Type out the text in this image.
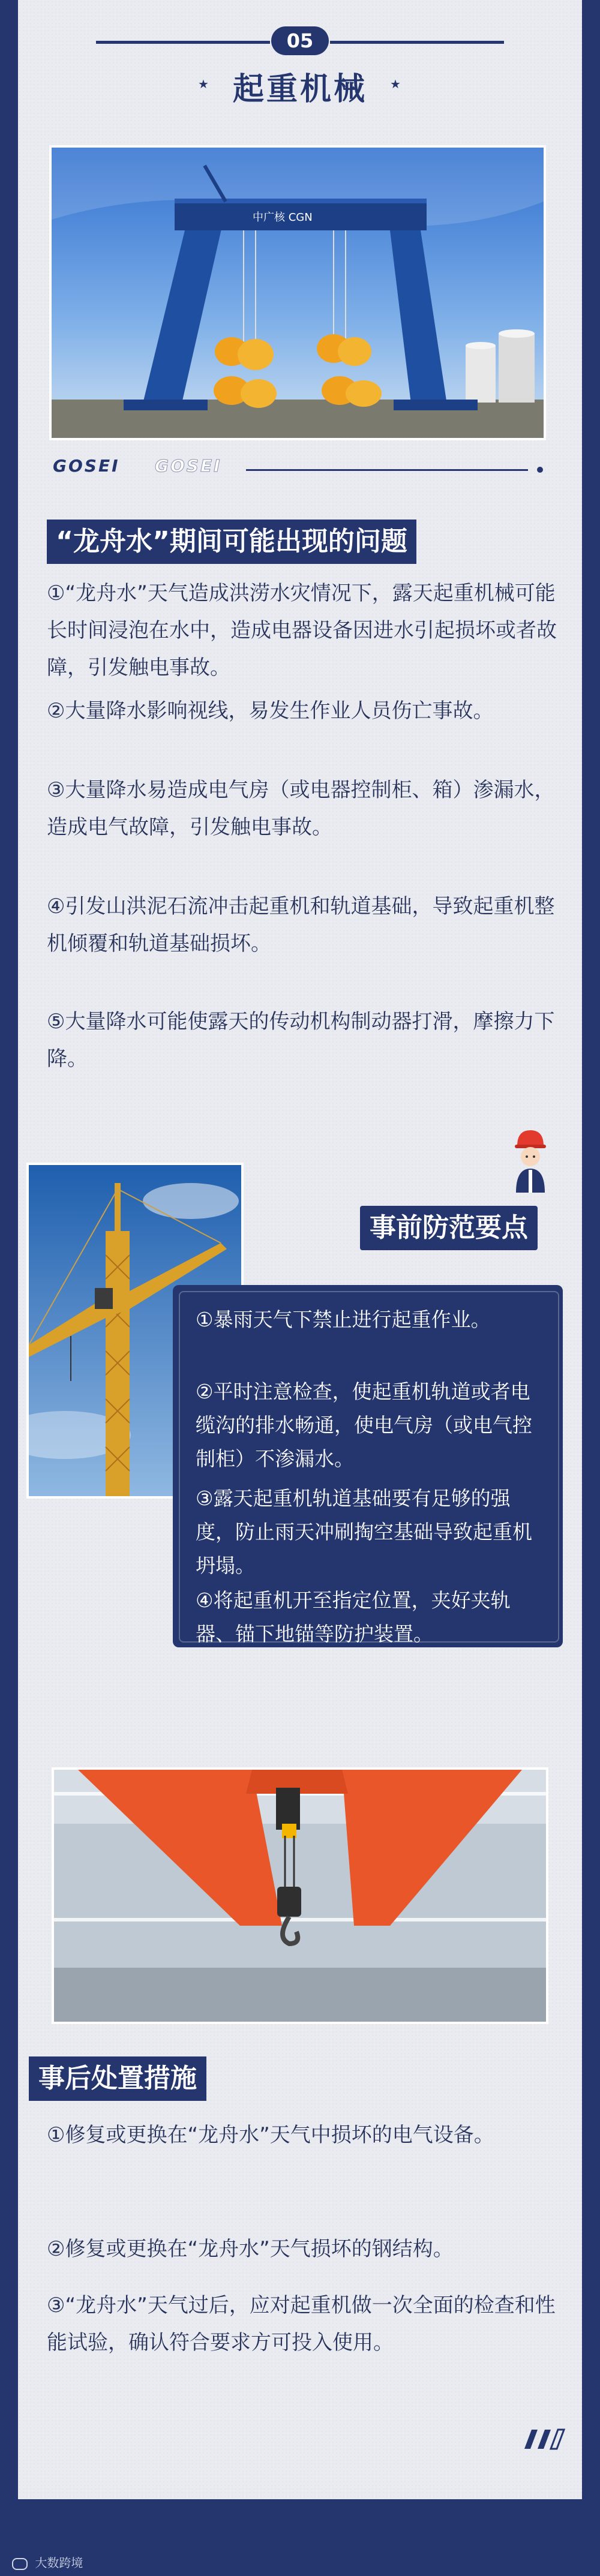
05
★	★
起重机械
中广核 CGN
GOSEI GOSEI
“龙舟水”期间可能出现的问题
①“龙舟水”天气造成洪涝水灾情况下，露天起重机械可能长时间浸泡在水中，造成电器设备因进水引起损坏或者故障，引发触电事故。
②大量降水影响视线，易发生作业人员伤亡事故。
③大量降水易造成电气房（或电器控制柜、箱）渗漏水，造成电气故障，引发触电事故。
④引发山洪泥石流冲击起重机和轨道基础，导致起重机整机倾覆和轨道基础损坏。
⑤大量降水可能使露天的传动机构制动器打滑，摩擦力下降。
事前防范要点
①暴雨天气下禁止进行起重作业。
②平时注意检查，使起重机轨道或者电缆沟的排水畅通，使电气房（或电气控制柜）不渗漏水。
③露天起重机轨道基础要有足够的强度，防止雨天冲刷掏空基础导致起重机坍塌。
④将起重机开至指定位置，夹好夹轨器、锚下地锚等防护装置。
事后处置措施
①修复或更换在“龙舟水”天气中损坏的电气设备。
②修复或更换在“龙舟水”天气损坏的钢结构。
③“龙舟水”天气过后，应对起重机做一次全面的检查和性能试验，确认符合要求方可投入使用。
大数跨境
